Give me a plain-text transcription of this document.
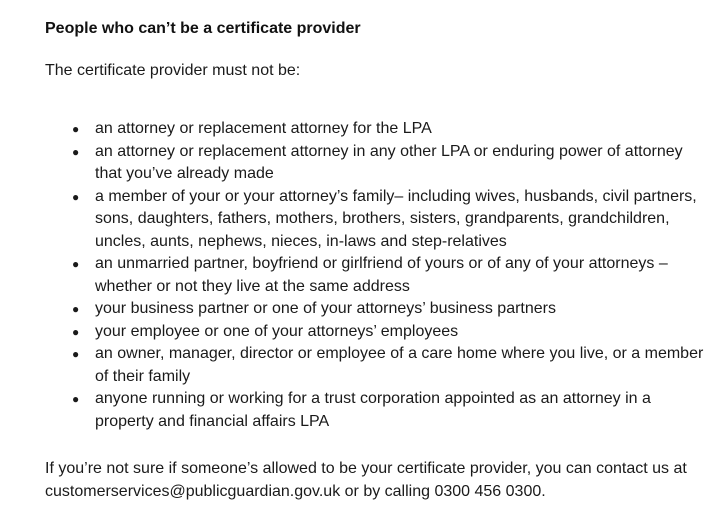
People who can’t be a certificate provider

The certificate provider must not be:

● an attorney or replacement attorney for the LPA
● an attorney or replacement attorney in any other LPA or enduring power of attorney that you’ve already made
● a member of your or your attorney’s family– including wives, husbands, civil partners, sons, daughters, fathers, mothers, brothers, sisters, grandparents, grandchildren, uncles, aunts, nephews, nieces, in-laws and step-relatives
● an unmarried partner, boyfriend or girlfriend of yours or of any of your attorneys – whether or not they live at the same address
● your business partner or one of your attorneys’ business partners
● your employee or one of your attorneys’ employees
● an owner, manager, director or employee of a care home where you live, or a member of their family
● anyone running or working for a trust corporation appointed as an attorney in a property and financial affairs LPA

If you’re not sure if someone’s allowed to be your certificate provider, you can contact us at customerservices@publicguardian.gov.uk or by calling 0300 456 0300.
